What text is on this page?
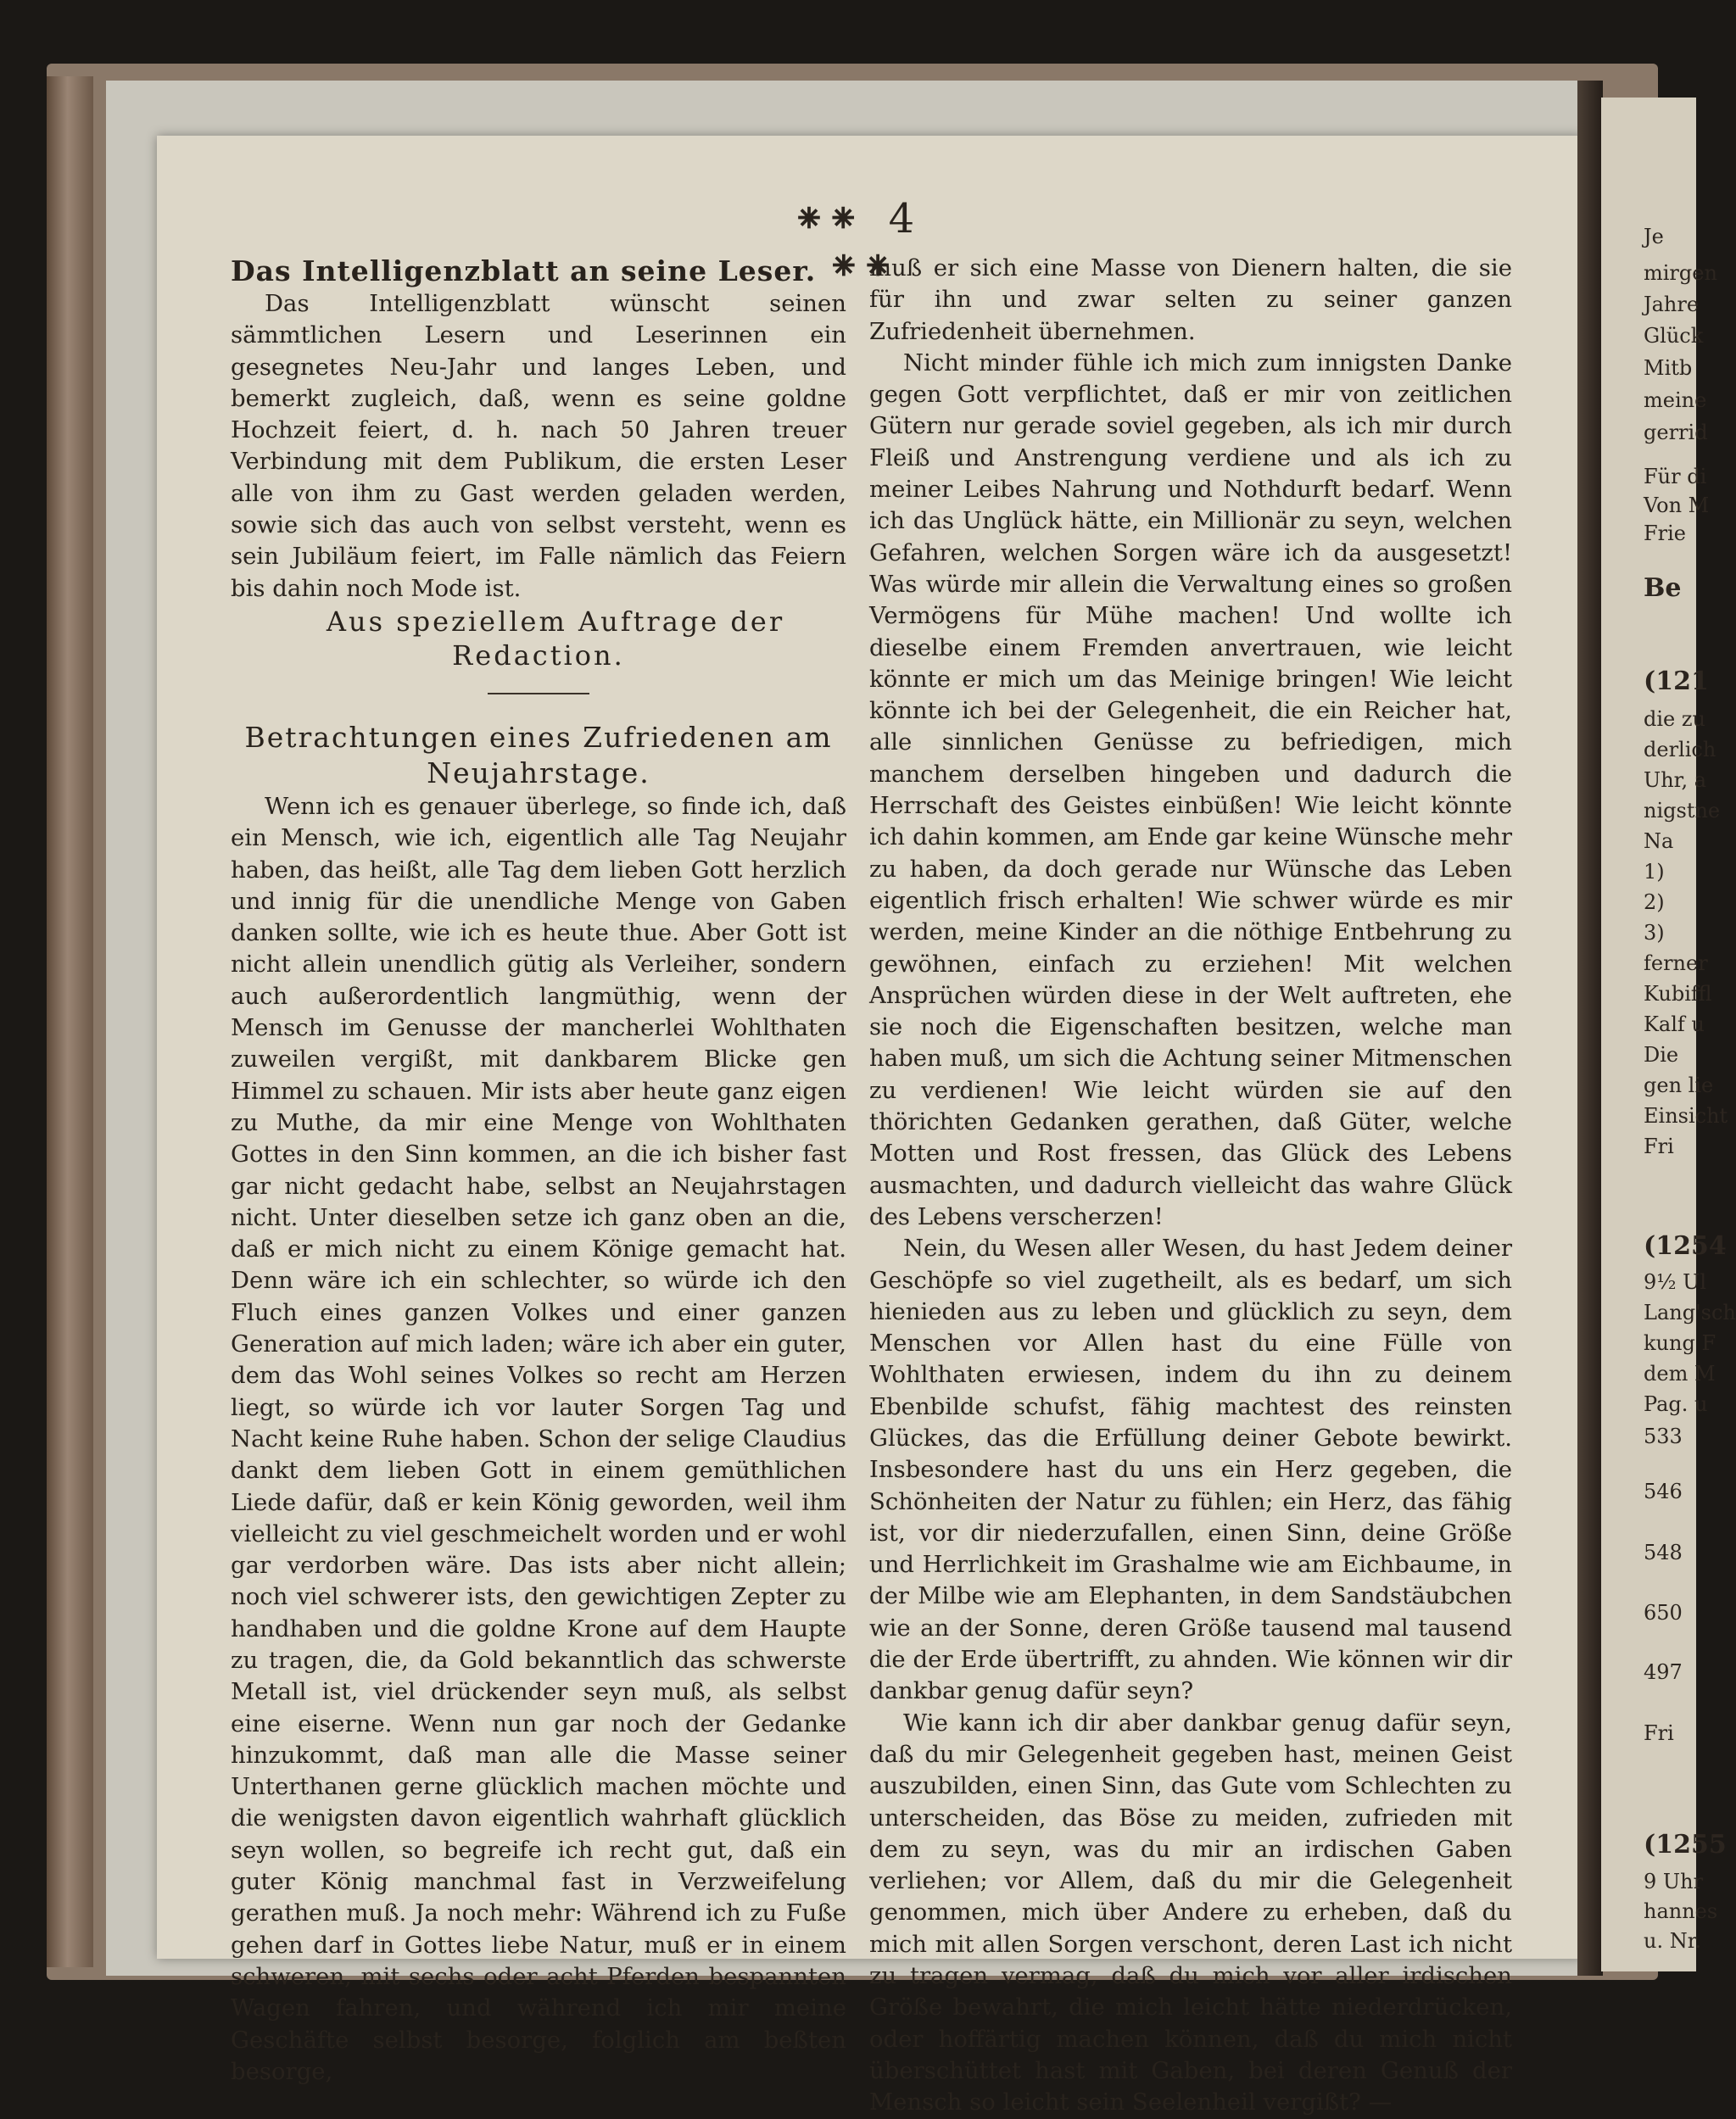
⁕⁕ 4 ⁕⁕

Das Intelligenzblatt an seine Leser.

Das Intelligenzblatt wünscht seinen sämmtlichen Lesern und Leserinnen ein gesegnetes Neu-Jahr und langes Leben, und bemerkt zugleich, daß, wenn es seine goldne Hochzeit feiert, d. h. nach 50 Jahren treuer Verbindung mit dem Publikum, die ersten Leser alle von ihm zu Gast werden geladen werden, sowie sich das auch von selbst versteht, wenn es sein Jubiläum feiert, im Falle nämlich das Feiern bis dahin noch Mode ist.

Aus speziellem Auftrage der Redaction.

Betrachtungen eines Zufriedenen am Neujahrstage.

Wenn ich es genauer überlege, so finde ich, daß ein Mensch, wie ich, eigentlich alle Tag Neujahr haben, das heißt, alle Tag dem lieben Gott herzlich und innig für die unendliche Menge von Gaben danken sollte, wie ich es heute thue. Aber Gott ist nicht allein unendlich gütig als Verleiher, sondern auch außerordentlich langmüthig, wenn der Mensch im Genusse der mancherlei Wohlthaten zuweilen vergißt, mit dankbarem Blicke gen Himmel zu schauen. Mir ists aber heute ganz eigen zu Muthe, da mir eine Menge von Wohlthaten Gottes in den Sinn kommen, an die ich bisher fast gar nicht gedacht habe, selbst an Neujahrstagen nicht. Unter dieselben setze ich ganz oben an die, daß er mich nicht zu einem Könige gemacht hat. Denn wäre ich ein schlechter, so würde ich den Fluch eines ganzen Volkes und einer ganzen Generation auf mich laden; wäre ich aber ein guter, dem das Wohl seines Volkes so recht am Herzen liegt, so würde ich vor lauter Sorgen Tag und Nacht keine Ruhe haben. Schon der selige Claudius dankt dem lieben Gott in einem gemüthlichen Liede dafür, daß er kein König geworden, weil ihm vielleicht zu viel geschmeichelt worden und er wohl gar verdorben wäre. Das ists aber nicht allein; noch viel schwerer ists, den gewichtigen Zepter zu handhaben und die goldne Krone auf dem Haupte zu tragen, die, da Gold bekanntlich das schwerste Metall ist, viel drückender seyn muß, als selbst eine eiserne. Wenn nun gar noch der Gedanke hinzukommt, daß man alle die Masse seiner Unterthanen gerne glücklich machen möchte und die wenigsten davon eigentlich wahrhaft glücklich seyn wollen, so begreife ich recht gut, daß ein guter König manchmal fast in Verzweifelung gerathen muß. Ja noch mehr: Während ich zu Fuße gehen darf in Gottes liebe Natur, muß er in einem schweren, mit sechs oder acht Pferden bespannten Wagen fahren, und während ich mir meine Geschäfte selbst besorge, folglich am beßten besorge,

muß er sich eine Masse von Dienern halten, die sie für ihn und zwar selten zu seiner ganzen Zufriedenheit übernehmen.

Nicht minder fühle ich mich zum innigsten Danke gegen Gott verpflichtet, daß er mir von zeitlichen Gütern nur gerade soviel gegeben, als ich mir durch Fleiß und Anstrengung verdiene und als ich zu meiner Leibes Nahrung und Nothdurft bedarf. Wenn ich das Unglück hätte, ein Millionär zu seyn, welchen Gefahren, welchen Sorgen wäre ich da ausgesetzt! Was würde mir allein die Verwaltung eines so großen Vermögens für Mühe machen! Und wollte ich dieselbe einem Fremden anvertrauen, wie leicht könnte er mich um das Meinige bringen! Wie leicht könnte ich bei der Gelegenheit, die ein Reicher hat, alle sinnlichen Genüsse zu befriedigen, mich manchem derselben hingeben und dadurch die Herrschaft des Geistes einbüßen! Wie leicht könnte ich dahin kommen, am Ende gar keine Wünsche mehr zu haben, da doch gerade nur Wünsche das Leben eigentlich frisch erhalten! Wie schwer würde es mir werden, meine Kinder an die nöthige Entbehrung zu gewöhnen, einfach zu erziehen! Mit welchen Ansprüchen würden diese in der Welt auftreten, ehe sie noch die Eigenschaften besitzen, welche man haben muß, um sich die Achtung seiner Mitmenschen zu verdienen! Wie leicht würden sie auf den thörichten Gedanken gerathen, daß Güter, welche Motten und Rost fressen, das Glück des Lebens ausmachten, und dadurch vielleicht das wahre Glück des Lebens verscherzen!

Nein, du Wesen aller Wesen, du hast Jedem deiner Geschöpfe so viel zugetheilt, als es bedarf, um sich hienieden aus zu leben und glücklich zu seyn, dem Menschen vor Allen hast du eine Fülle von Wohlthaten erwiesen, indem du ihn zu deinem Ebenbilde schufst, fähig machtest des reinsten Glückes, das die Erfüllung deiner Gebote bewirkt. Insbesondere hast du uns ein Herz gegeben, die Schönheiten der Natur zu fühlen; ein Herz, das fähig ist, vor dir niederzufallen, einen Sinn, deine Größe und Herrlichkeit im Grashalme wie am Eichbaume, in der Milbe wie am Elephanten, in dem Sandstäubchen wie an der Sonne, deren Größe tausend mal tausend die der Erde übertrifft, zu ahnden. Wie können wir dir dankbar genug dafür seyn?

Wie kann ich dir aber dankbar genug dafür seyn, daß du mir Gelegenheit gegeben hast, meinen Geist auszubilden, einen Sinn, das Gute vom Schlechten zu unterscheiden, das Böse zu meiden, zufrieden mit dem zu seyn, was du mir an irdischen Gaben verliehen; vor Allem, daß du mir die Gelegenheit genommen, mich über Andere zu erheben, daß du mich mit allen Sorgen verschont, deren Last ich nicht zu tragen vermag, daß du mich vor aller irdischen Größe bewahrt, die mich leicht hätte niederdrücken, oder hoffärtig machen können, daß du mich nicht überschüttet hast mit Gaben, bei deren Genuß der Mensch so leicht sein Seelenheil vergißt? —

Je
mirgen
Jahre
Glück
Mitb
meine
gerrid
Für di
Von M
Frie
Be
(121
die zu
derlich
Uhr, a
nigstne
Na
1)
2)
3)
ferner
Kubiffl
Kalf u
Die
gen lie
Einsicht
Fri
(1254
9½ Ul
Lang'sch
kung F
dem M
Pag. u
533
546
548
650
497
Fri
(1255
9 Uhr
hannes
u. Nr.
